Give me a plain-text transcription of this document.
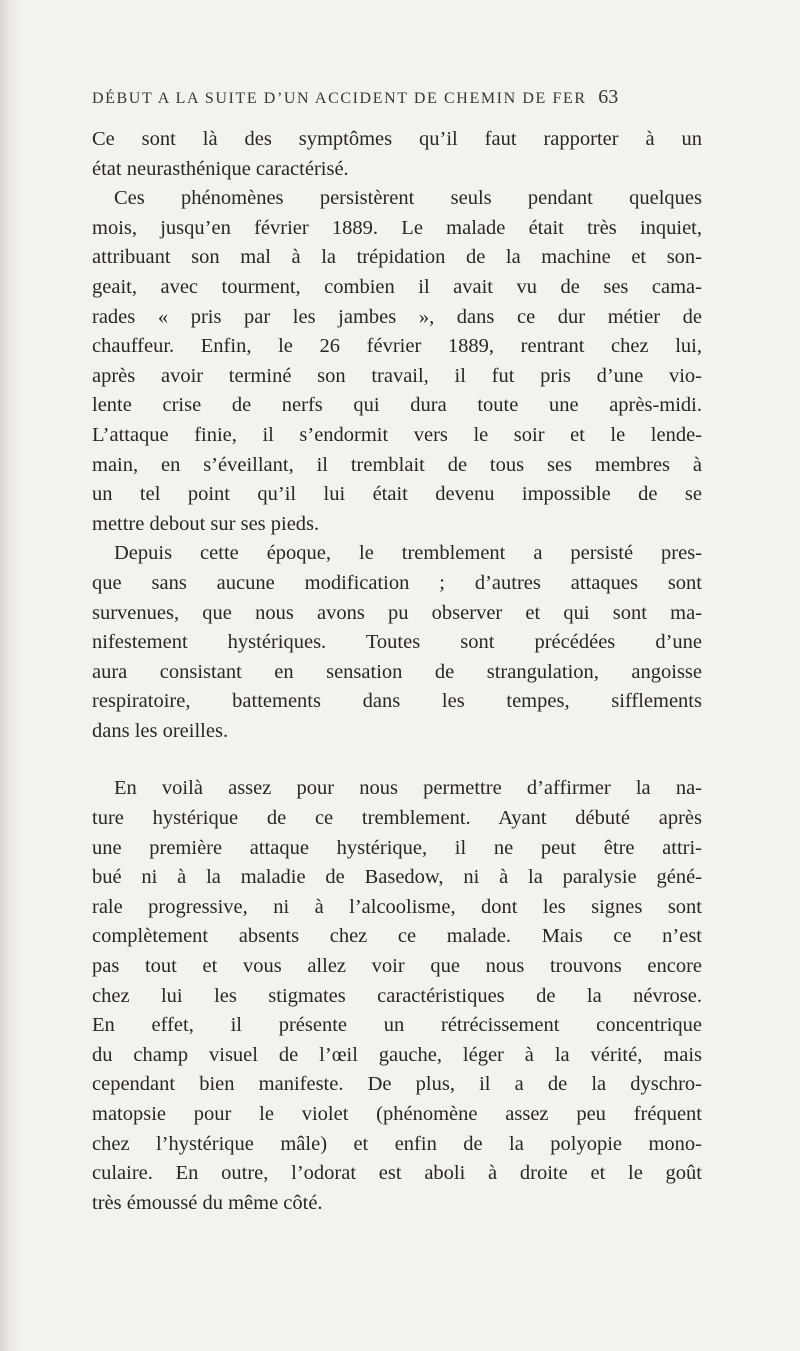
DÉBUT A LA SUITE D’UN ACCIDENT DE CHEMIN DE FER 63
Ce sont là des symptômes qu’il faut rapporter à un
état neurasthénique caractérisé.
Ces phénomènes persistèrent seuls pendant quelques
mois, jusqu’en février 1889. Le malade était très inquiet,
attribuant son mal à la trépidation de la machine et son-
geait, avec tourment, combien il avait vu de ses cama-
rades « pris par les jambes », dans ce dur métier de
chauffeur. Enfin, le 26 février 1889, rentrant chez lui,
après avoir terminé son travail, il fut pris d’une vio-
lente crise de nerfs qui dura toute une après-midi.
L’attaque finie, il s’endormit vers le soir et le lende-
main, en s’éveillant, il tremblait de tous ses membres à
un tel point qu’il lui était devenu impossible de se
mettre debout sur ses pieds.
Depuis cette époque, le tremblement a persisté pres-
que sans aucune modification ; d’autres attaques sont
survenues, que nous avons pu observer et qui sont ma-
nifestement hystériques. Toutes sont précédées d’une
aura consistant en sensation de strangulation, angoisse
respiratoire, battements dans les tempes, sifflements
dans les oreilles.
En voilà assez pour nous permettre d’affirmer la na-
ture hystérique de ce tremblement. Ayant débuté après
une première attaque hystérique, il ne peut être attri-
bué ni à la maladie de Basedow, ni à la paralysie géné-
rale progressive, ni à l’alcoolisme, dont les signes sont
complètement absents chez ce malade. Mais ce n’est
pas tout et vous allez voir que nous trouvons encore
chez lui les stigmates caractéristiques de la névrose.
En effet, il présente un rétrécissement concentrique
du champ visuel de l’œil gauche, léger à la vérité, mais
cependant bien manifeste. De plus, il a de la dyschro-
matopsie pour le violet (phénomène assez peu fréquent
chez l’hystérique mâle) et enfin de la polyopie mono-
culaire. En outre, l’odorat est aboli à droite et le goût
très émoussé du même côté.
